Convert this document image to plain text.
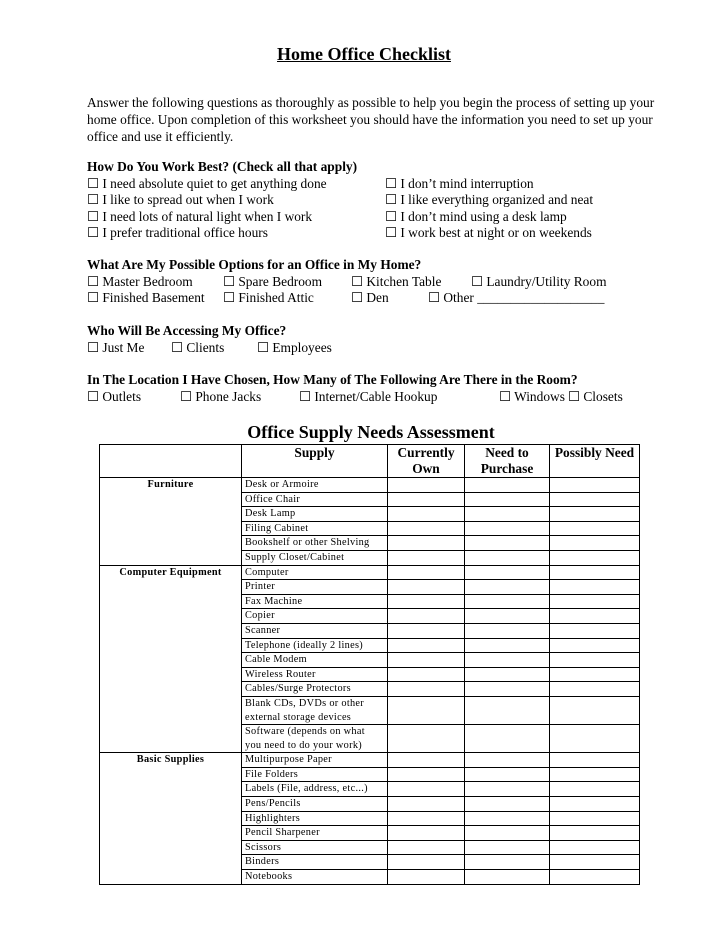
Home Office Checklist
Answer the following questions as thoroughly as possible to help you begin the process of setting up your home office. Upon completion of this worksheet you should have the information you need to set up your office and use it efficiently.
How Do You Work Best? (Check all that apply)
☐ I need absolute quiet to get anything done	☐ I don’t mind interruption
☐ I like to spread out when I work	☐ I like everything organized and neat
☐ I need lots of natural light when I work	☐ I don’t mind using a desk lamp
☐ I prefer traditional office hours	☐ I work best at night or on weekends
What Are My Possible Options for an Office in My Home?
☐ Master Bedroom ☐ Spare Bedroom ☐ Kitchen Table ☐ Laundry/Utility Room
☐ Finished Basement ☐ Finished Attic	☐ Den	☐ Other ___________________
Who Will Be Accessing My Office?
☐ Just Me ☐ Clients ☐ Employees
In The Location I Have Chosen, How Many of The Following Are There in the Room?
☐ Outlets	☐ Phone Jacks	☐ Internet/Cable Hookup	☐ Windows ☐ Closets
Office Supply Needs Assessment
	Supply	Currently Own	Need to Purchase	Possibly Need
Furniture	Desk or Armoire			
	Office Chair			
	Desk Lamp			
	Filing Cabinet			
	Bookshelf or other Shelving			
	Supply Closet/Cabinet			
Computer Equipment	Computer			
	Printer			
	Fax Machine			
	Copier			
	Scanner			
	Telephone (ideally 2 lines)			
	Cable Modem			
	Wireless Router			
	Cables/Surge Protectors			
	Blank CDs, DVDs or other external storage devices			
	Software (depends on what you need to do your work)			
Basic Supplies	Multipurpose Paper			
	File Folders			
	Labels (File, address, etc...)			
	Pens/Pencils			
	Highlighters			
	Pencil Sharpener			
	Scissors			
	Binders			
	Notebooks			
